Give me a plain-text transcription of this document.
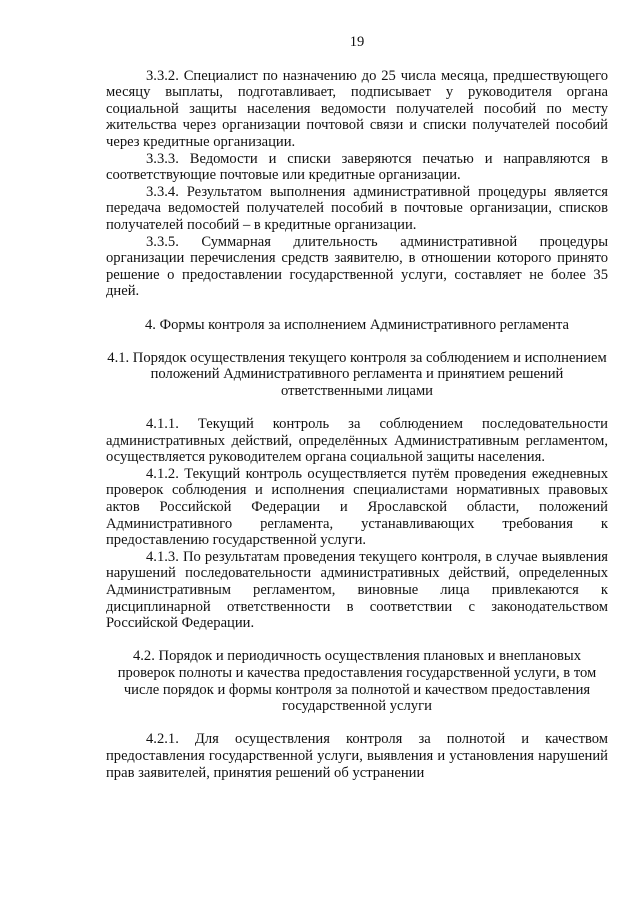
19

3.3.2. Специалист по назначению до 25 числа месяца, предшествующего месяцу выплаты, подготавливает, подписывает у руководителя органа социальной защиты населения ведомости получателей пособий по месту жительства через организации почтовой связи и списки получателей пособий через кредитные организации.

3.3.3. Ведомости и списки заверяются печатью и направляются в соответствующие почтовые или кредитные организации.

3.3.4. Результатом выполнения административной процедуры является передача ведомостей получателей пособий в почтовые организации, списков получателей пособий – в кредитные организации.

3.3.5. Суммарная длительность административной процедуры организации перечисления средств заявителю, в отношении которого принято решение о предоставлении государственной услуги, составляет не более 35 дней.

4. Формы контроля за исполнением Административного регламента
4.1. Порядок осуществления текущего контроля за соблюдением и исполнением положений Административного регламента и принятием решений ответственными лицами

4.1.1. Текущий контроль за соблюдением последовательности административных действий, определённых Административным регламентом, осуществляется руководителем органа социальной защиты населения.

4.1.2. Текущий контроль осуществляется путём проведения ежедневных проверок соблюдения и исполнения специалистами нормативных правовых актов Российской Федерации и Ярославской области, положений Административного регламента, устанавливающих требования к предоставлению государственной услуги.

4.1.3. По результатам проведения текущего контроля, в случае выявления нарушений последовательности административных действий, определенных Административным регламентом, виновные лица привлекаются к дисциплинарной ответственности в соответствии с законодательством Российской Федерации.

4.2. Порядок и периодичность осуществления плановых и внеплановых проверок полноты и качества предоставления государственной услуги, в том числе порядок и формы контроля за полнотой и качеством предоставления государственной услуги

4.2.1. Для осуществления контроля за полнотой и качеством предоставления государственной услуги, выявления и установления нарушений прав заявителей, принятия решений об устранении
